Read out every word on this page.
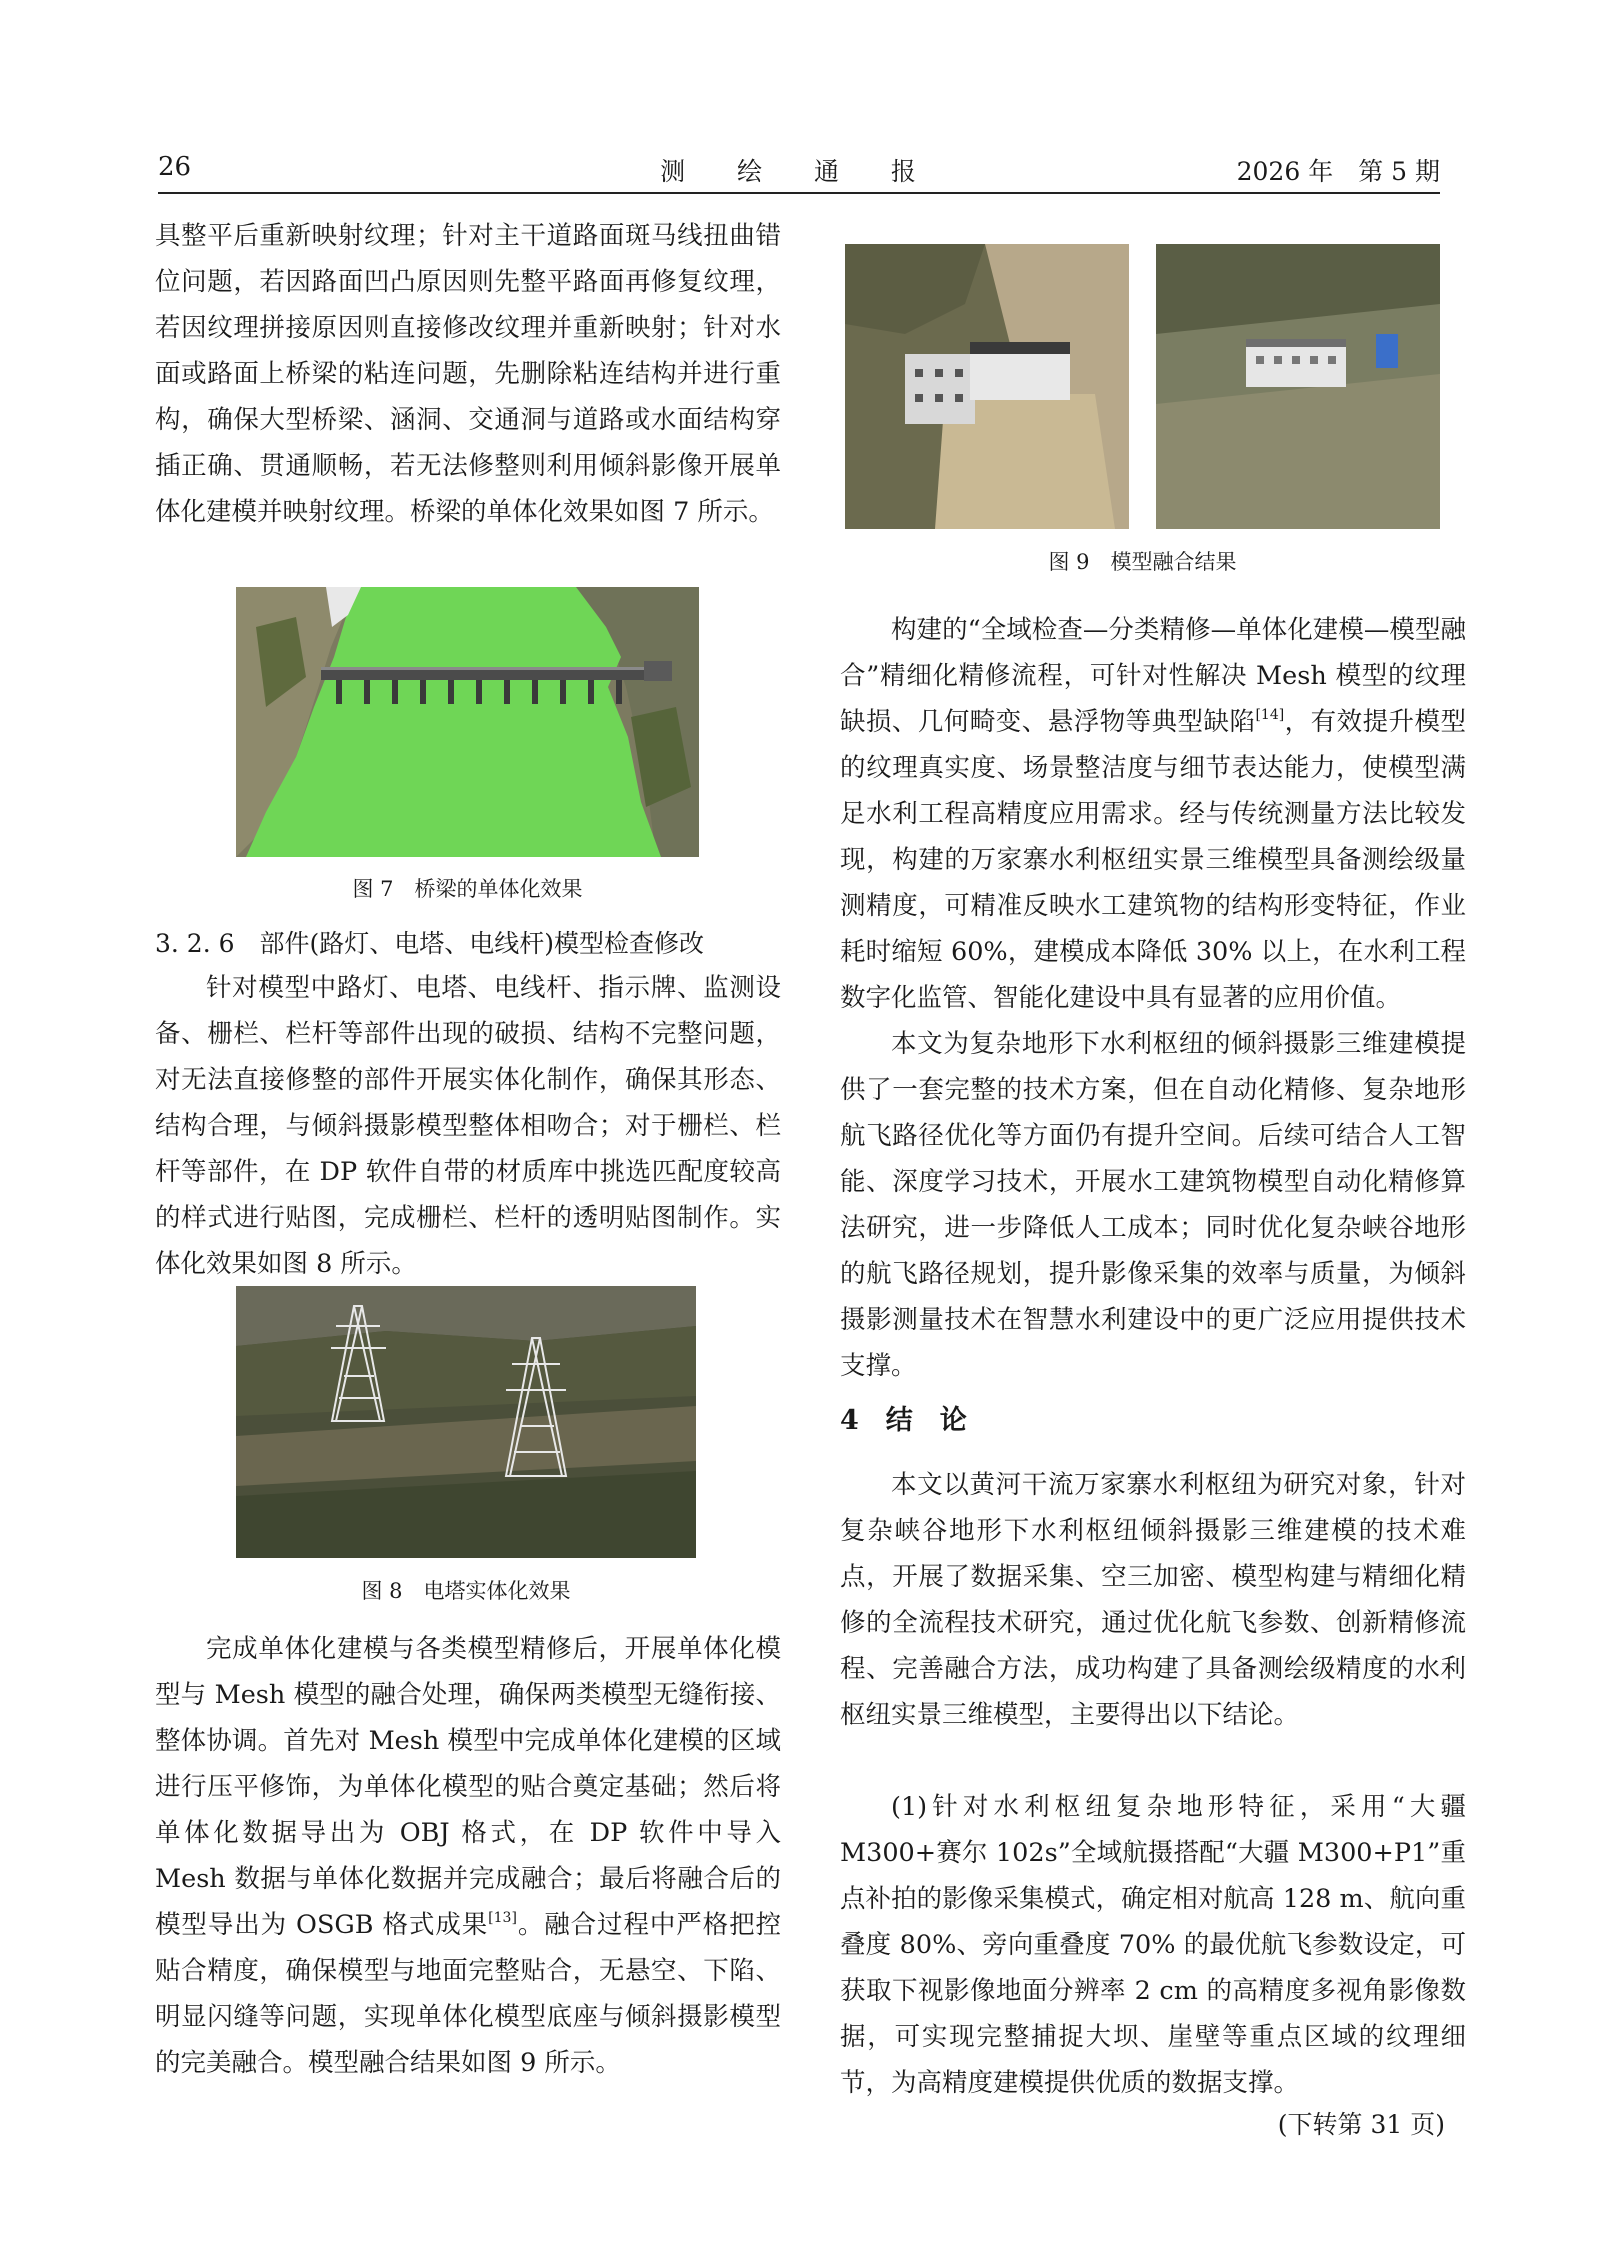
26	测 绘 通 报	2026 年　第 5 期

具整平后重新映射纹理；针对主干道路面斑马线扭曲错位问题，若因路面凹凸原因则先整平路面再修复纹理，若因纹理拼接原因则直接修改纹理并重新映射；针对水面或路面上桥梁的粘连问题，先删除粘连结构并进行重构，确保大型桥梁、涵洞、交通洞与道路或水面结构穿插正确、贯通顺畅，若无法修整则利用倾斜影像开展单体化建模并映射纹理。桥梁的单体化效果如图 7 所示。

图 7　桥梁的单体化效果
3. 2. 6　部件(路灯、电塔、电线杆)模型检查修改

针对模型中路灯、电塔、电线杆、指示牌、监测设备、栅栏、栏杆等部件出现的破损、结构不完整问题，对无法直接修整的部件开展实体化制作，确保其形态、结构合理，与倾斜摄影模型整体相吻合；对于栅栏、栏杆等部件，在 DP 软件自带的材质库中挑选匹配度较高的样式进行贴图，完成栅栏、栏杆的透明贴图制作。实体化效果如图 8 所示。

图 8　电塔实体化效果

完成单体化建模与各类模型精修后，开展单体化模型与 Mesh 模型的融合处理，确保两类模型无缝衔接、整体协调。首先对 Mesh 模型中完成单体化建模的区域进行压平修饰，为单体化模型的贴合奠定基础；然后将单体化数据导出为 OBJ 格式，在 DP 软件中导入 Mesh 数据与单体化数据并完成融合；最后将融合后的模型导出为 OSGB 格式成果[13]。融合过程中严格把控贴合精度，确保模型与地面完整贴合，无悬空、下陷、明显闪缝等问题，实现单体化模型底座与倾斜摄影模型的完美融合。模型融合结果如图 9 所示。

图 9　模型融合结果

构建的“全域检查—分类精修—单体化建模—模型融合”精细化精修流程，可针对性解决 Mesh 模型的纹理缺损、几何畸变、悬浮物等典型缺陷[14]，有效提升模型的纹理真实度、场景整洁度与细节表达能力，使模型满足水利工程高精度应用需求。经与传统测量方法比较发现，构建的万家寨水利枢纽实景三维模型具备测绘级量测精度，可精准反映水工建筑物的结构形变特征，作业耗时缩短 60%，建模成本降低 30% 以上，在水利工程数字化监管、智能化建设中具有显著的应用价值。

本文为复杂地形下水利枢纽的倾斜摄影三维建模提供了一套完整的技术方案，但在自动化精修、复杂地形航飞路径优化等方面仍有提升空间。后续可结合人工智能、深度学习技术，开展水工建筑物模型自动化精修算法研究，进一步降低人工成本；同时优化复杂峡谷地形的航飞路径规划，提升影像采集的效率与质量，为倾斜摄影测量技术在智慧水利建设中的更广泛应用提供技术支撑。

4　结　论

本文以黄河干流万家寨水利枢纽为研究对象，针对复杂峡谷地形下水利枢纽倾斜摄影三维建模的技术难点，开展了数据采集、空三加密、模型构建与精细化精修的全流程技术研究，通过优化航飞参数、创新精修流程、完善融合方法，成功构建了具备测绘级精度的水利枢纽实景三维模型，主要得出以下结论。

(1)针对水利枢纽复杂地形特征，采用“大疆 M300+赛尔 102s”全域航摄搭配“大疆 M300+P1”重点补拍的影像采集模式，确定相对航高 128 m、航向重叠度 80%、旁向重叠度 70% 的最优航飞参数设定，可获取下视影像地面分辨率 2 cm 的高精度多视角影像数据，可实现完整捕捉大坝、崖壁等重点区域的纹理细节，为高精度建模提供优质的数据支撑。

(下转第 31 页)
